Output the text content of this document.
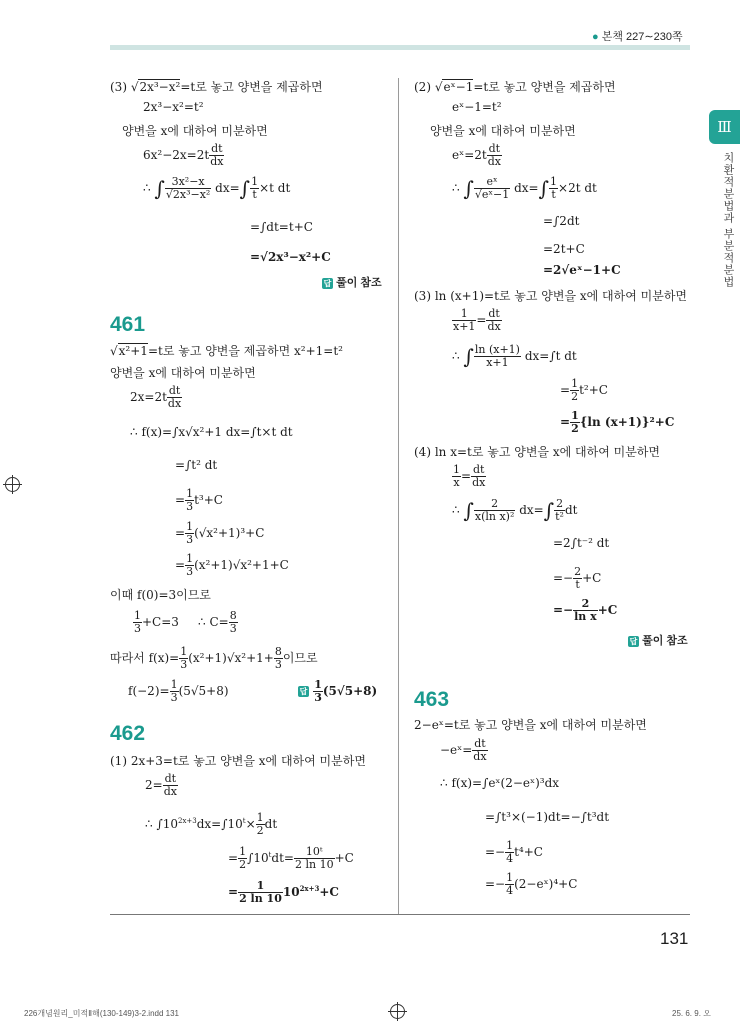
● 본책 227∼230쪽
Ⅲ
치환적분법과 부분적분법
(3) √2x³−x²=t로 놓고 양변을 제곱하면
2x³−x²=t²
양변을 x에 대하여 미분하면
$6x^2-2x=2t \frac{dt}{dx}$
∴ ∫ $\frac{\text{3x²−x}}{\text{√2x³−x²}} dx=\int \frac{1}{t} \times t$ dt
=∫dt=t+C
=√2x³−x²+C
답 풀이 참조
461
√x²+1=t로 놓고 양변을 제곱하면 x²+1=t²
양변을 x에 대하여 미분하면
$2x=2t \frac{dt}{dx}$
∴ f(x)=∫x√x²+1 dx=∫t×t dt
=∫t² dt
= $\frac{1}{3} t^3+C$
= $\frac{1}{3} (√x^2+1)^3+C$
= $\frac{1}{3} (x^2+1)√x^2+1+C$
이때 f(0)=3이므로
$\frac{1}{3} +C=3$ ∴ $C= \frac{8}{3}$
따라서 $f(x)= \frac{1}{3} (x^2+1)√x^2+1+ \frac{8}{3}$ 이므로
$f(-2)= \frac{1}{3} (5√5+8)$	답 $\frac{1}{3} (5√5+8)$
462
(1) 2x+3=t로 놓고 양변을 x에 대하여 미분하면
$2= \frac{dt}{dx}$
∴ $\int 10^{2x+3}dx=\int 10^t\times \frac{1}{2}$ dt
= $\frac{1}{2} \int 10^tdt= \frac{\text{10ᵗ}}{2 \ln 10} +C$
= $\frac{1}{2 \ln 10} 10^{2x+3}+C$
(2) √eˣ−1=t로 놓고 양변을 제곱하면
eˣ−1=t²
양변을 x에 대하여 미분하면
eˣ=2t $\frac{dt}{dx}$
∴ ∫ $\frac{\text{eˣ}}{\text{√eˣ−1}} dx=\int \frac{1}{t} \times 2t$ dt
=∫2dt
=2t+C
=2√eˣ−1+C
(3) ln (x+1)=t로 놓고 양변을 x에 대하여 미분하면
$\frac{1}{x+1} = \frac{dt}{dx}$
∴ ∫ $\frac{\ln (x+1)}{x+1} dx=\int t$ dt
= $\frac{1}{2} t^2+C$
= $\frac{1}{2} \{\ln$ (x+1)}²+C
(4) ln x=t로 놓고 양변을 x에 대하여 미분하면
$\frac{1}{x} = \frac{dt}{dx}$
∴ ∫ $\frac{2}{\text{x(ln x)²}} dx=\int \frac{2}{\text{t²}}$ dt
=2∫t⁻² dt
=− $\frac{2}{t} +C$
=− $\frac{2}{\text{ln x}} +C$
답 풀이 참조
463
2−eˣ=t로 놓고 양변을 x에 대하여 미분하면
−eˣ= $\frac{dt}{dx}$
∴ f(x)=∫eˣ(2−eˣ)³dx
=∫t³×(−1)dt=−∫t³dt
=− $\frac{1}{4} t^4+C$
=− $\frac{1}{4}$ (2−eˣ)⁴+C
131
226개념원리_미적Ⅱ해(130-149)3-2.indd 131	25. 6. 9. 오
